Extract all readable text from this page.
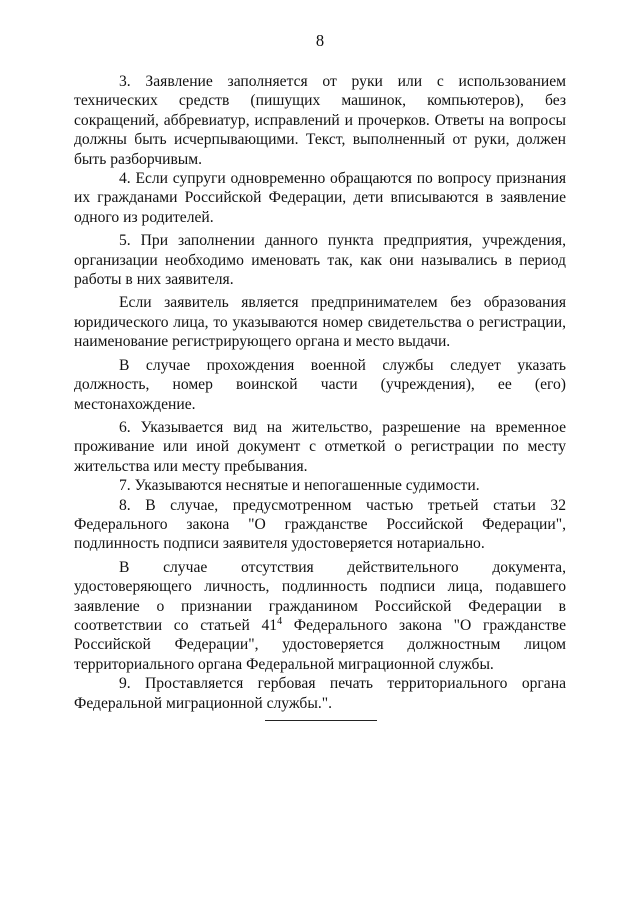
8

3. Заявление заполняется от руки или с использованием технических средств (пишущих машинок, компьютеров), без сокращений, аббревиатур, исправлений и прочерков. Ответы на вопросы должны быть исчерпывающими. Текст, выполненный от руки, должен быть разборчивым.

4. Если супруги одновременно обращаются по вопросу признания их гражданами Российской Федерации, дети вписываются в заявление одного из родителей.

5. При заполнении данного пункта предприятия, учреждения, организации необходимо именовать так, как они назывались в период работы в них заявителя.

Если заявитель является предпринимателем без образования юридического лица, то указываются номер свидетельства о регистрации, наименование регистрирующего органа и место выдачи.

В случае прохождения военной службы следует указать должность, номер воинской части (учреждения), ее (его) местонахождение.

6. Указывается вид на жительство, разрешение на временное проживание или иной документ с отметкой о регистрации по месту жительства или месту пребывания.

7. Указываются неснятые и непогашенные судимости.

8. В случае, предусмотренном частью третьей статьи 32 Федерального закона "О гражданстве Российской Федерации", подлинность подписи заявителя удостоверяется нотариально.

В случае отсутствия действительного документа, удостоверяющего личность, подлинность подписи лица, подавшего заявление о признании гражданином Российской Федерации в соответствии со статьей $41^4$ Федерального закона "О гражданстве Российской Федерации", удостоверяется должностным лицом территориального органа Федеральной миграционной службы.

9. Проставляется гербовая печать территориального органа Федеральной миграционной службы.".
